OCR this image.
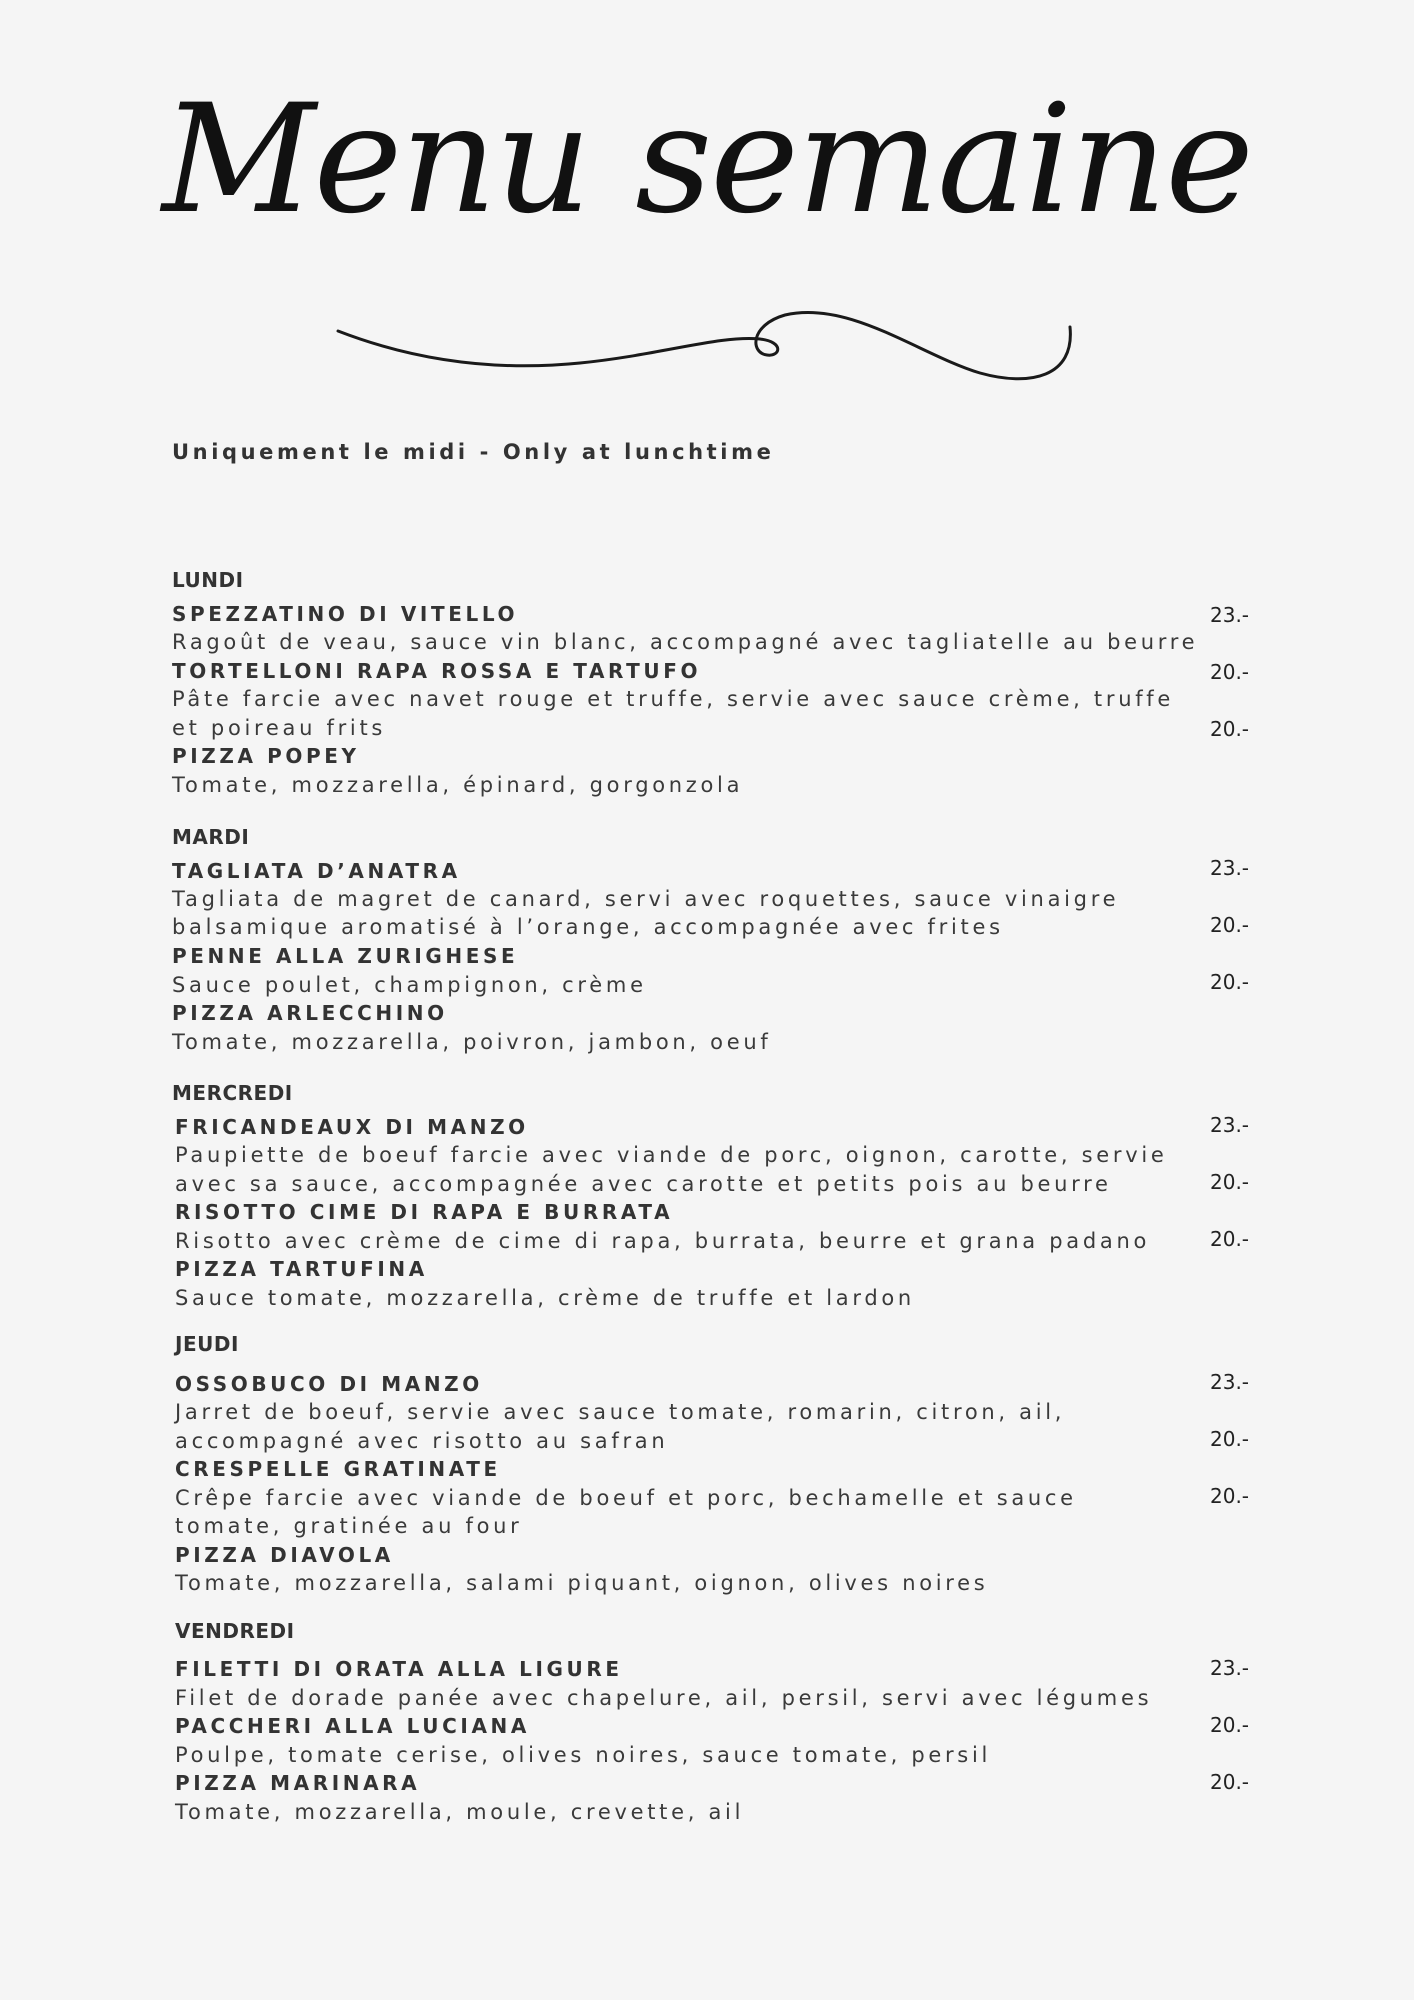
Menu semaine
Uniquement le midi - Only at lunchtime
LUNDI
SPEZZATINO DI VITELLO
Ragoût de veau, sauce vin blanc, accompagné avec tagliatelle au beurre
TORTELLONI RAPA ROSSA E TARTUFO
Pâte farcie avec navet rouge et truffe, servie avec sauce crème, truffe
et poireau frits
PIZZA POPEY
Tomate, mozzarella, épinard, gorgonzola
23.-
20.-
20.-
MARDI
TAGLIATA D’ANATRA
Tagliata de magret de canard, servi avec roquettes, sauce vinaigre
balsamique aromatisé à l’orange, accompagnée avec frites
PENNE ALLA ZURIGHESE
Sauce poulet, champignon, crème
PIZZA ARLECCHINO
Tomate, mozzarella, poivron, jambon, oeuf
23.-
20.-
20.-
MERCREDI
FRICANDEAUX DI MANZO
Paupiette de boeuf farcie avec viande de porc, oignon, carotte, servie
avec sa sauce, accompagnée avec carotte et petits pois au beurre
RISOTTO CIME DI RAPA E BURRATA
Risotto avec crème de cime di rapa, burrata, beurre et grana padano
PIZZA TARTUFINA
Sauce tomate, mozzarella, crème de truffe et lardon
23.-
20.-
20.-
JEUDI
OSSOBUCO DI MANZO
Jarret de boeuf, servie avec sauce tomate, romarin, citron, ail,
accompagné avec risotto au safran
CRESPELLE GRATINATE
Crêpe farcie avec viande de boeuf et porc, bechamelle et sauce
tomate, gratinée au four
PIZZA DIAVOLA
Tomate, mozzarella, salami piquant, oignon, olives noires
23.-
20.-
20.-
VENDREDI
FILETTI DI ORATA ALLA LIGURE
Filet de dorade panée avec chapelure, ail, persil, servi avec légumes
PACCHERI ALLA LUCIANA
Poulpe, tomate cerise, olives noires, sauce tomate, persil
PIZZA MARINARA
Tomate, mozzarella, moule, crevette, ail
23.-
20.-
20.-
